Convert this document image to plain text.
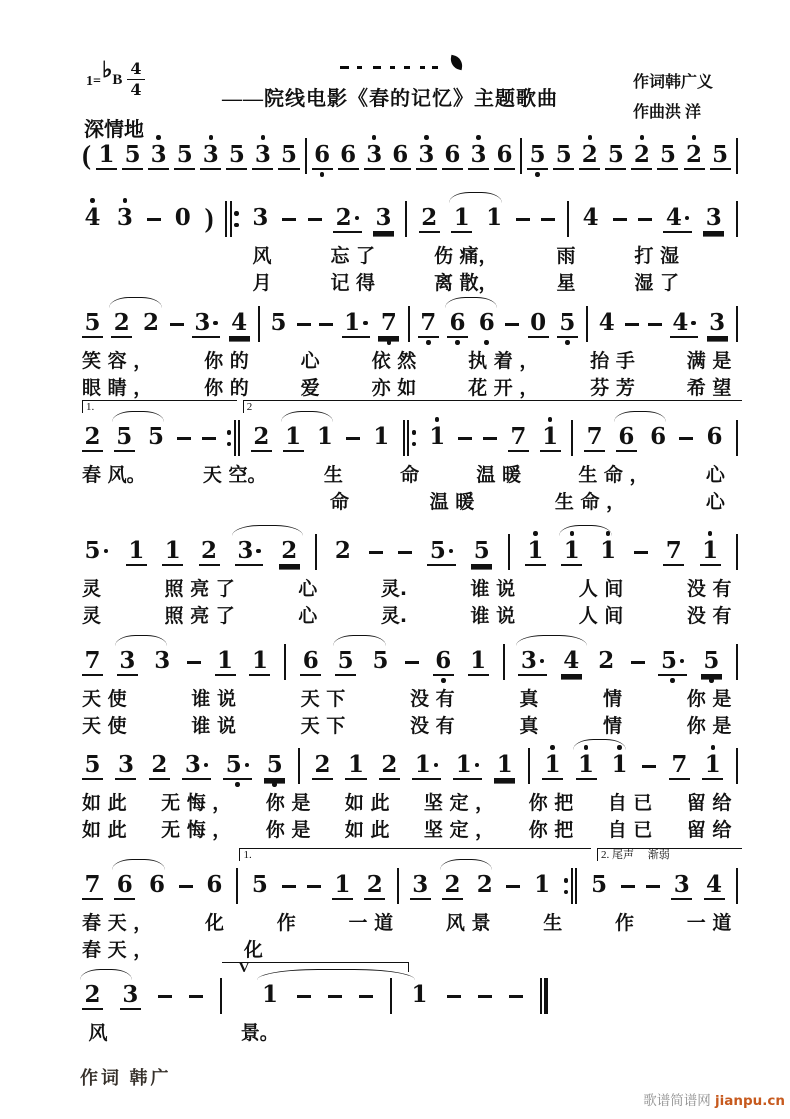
1= ♭ B $\frac{4}{4}$
深情地
——院线电影《春的记忆》主题歌曲
作词韩广义
作曲洪 洋
( 1 5 3 5 3 5 3 5 6 6 3 6 3 6 3 6 5 5 2 5 2 5 2 5
4 3 0 ) 3	2	3 2 1 1	4	4	3
风	忘 了	伤 痛，	雨	打 湿
月	记 得	离 散，	星	湿 了
5 2 2 3 4 5	1 7 7 6 6 0 5 4	4 3
笑 容 ，	你 的	心	依 然	执 着 ，	抬 手	满 是
眼 睛 ，	你 的	爱	亦 如	花 开 ，	芬 芳	希 望
1.	2
2 5 5	2 1 1 1 1	7 1 7 6 6 6
春 风。	天 空。	生	命	温 暖	生 命 ，	心
命	温 暖	生 命 ，	心
5	1 1 2 3	2 2	5	5 1 1 1 7 1
灵	照 亮 了	心	灵.	谁 说	人 间	没 有
灵	照 亮 了	心	灵.	谁 说	人 间	没 有
7 3 3 1 1 6 5 5 6 1 3	4 2 5	5
天 使	谁 说	天 下	没 有	真	情	你 是
天 使	谁 说	天 下	没 有	真	情	你 是
5 3 2 3	5	5 2 1 2 1	1	1 1 1 1 7 1
如 此 无 悔 ， 你 是 如 此 坚 定 ， 你 把 自 已 留 给
如 此 无 悔 ， 你 是 如 此 坚 定 ， 你 把 自 已 留 给
1.	2. 尾声　 渐弱
7 6 6 6 5	1 2 3 2 2 1 5	3 4
春 天 ，	化	作	一 道	风 景	生	作	一 道
春 天 ，	化
2 3
V
1	1
风	景。
作词 韩广
歌谱简谱网 jianpu.cn
